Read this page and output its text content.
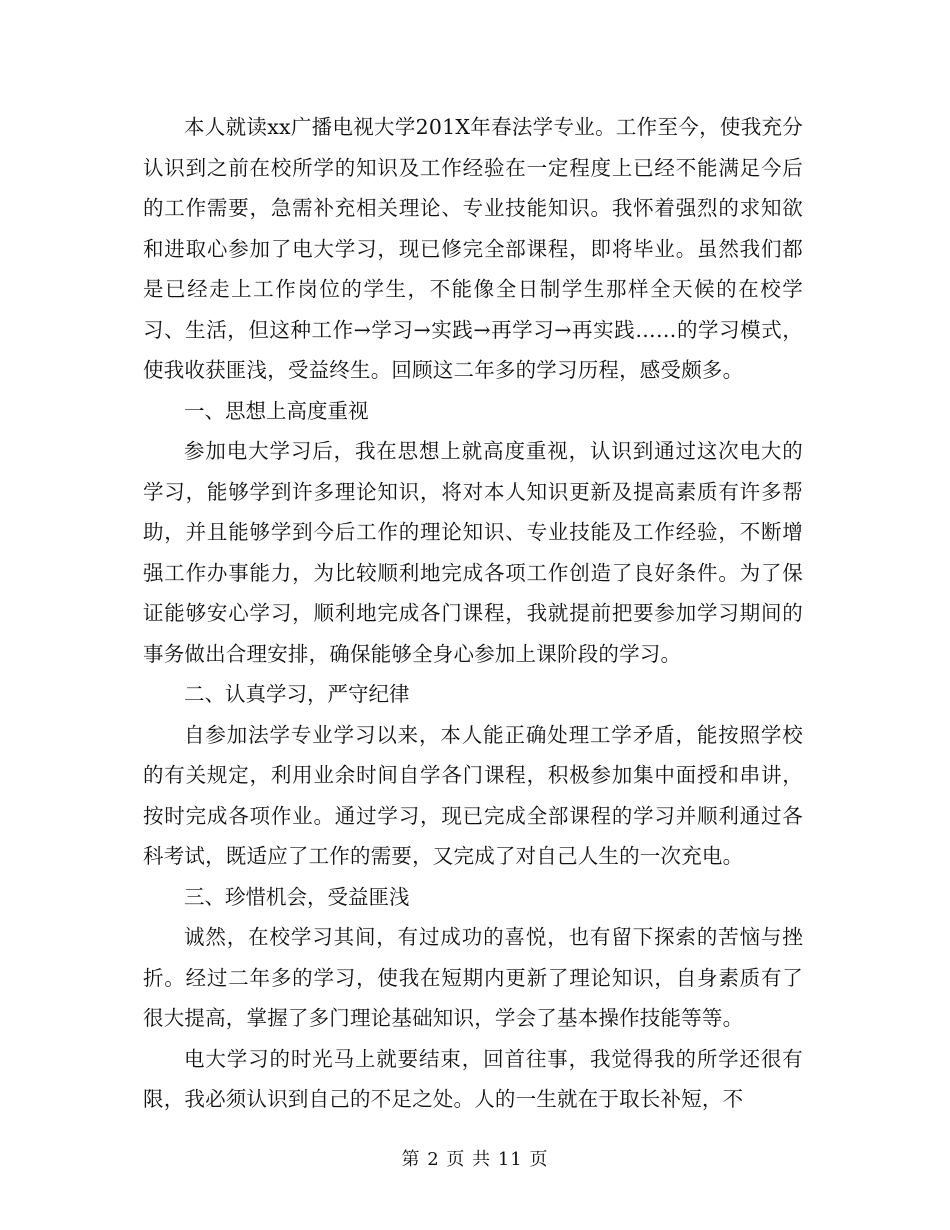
本人就读xx广播电视大学201X年春法学专业。工作至今，使我充分认识到之前在校所学的知识及工作经验在一定程度上已经不能满足今后的工作需要，急需补充相关理论、专业技能知识。我怀着强烈的求知欲和进取心参加了电大学习，现已修完全部课程，即将毕业。虽然我们都是已经走上工作岗位的学生，不能像全日制学生那样全天候的在校学习、生活，但这种工作→学习→实践→再学习→再实践……的学习模式，使我收获匪浅，受益终生。回顾这二年多的学习历程，感受颇多。

一、思想上高度重视

参加电大学习后，我在思想上就高度重视，认识到通过这次电大的学习，能够学到许多理论知识，将对本人知识更新及提高素质有许多帮助，并且能够学到今后工作的理论知识、专业技能及工作经验，不断增强工作办事能力，为比较顺利地完成各项工作创造了良好条件。为了保证能够安心学习，顺利地完成各门课程，我就提前把要参加学习期间的事务做出合理安排，确保能够全身心参加上课阶段的学习。

二、认真学习，严守纪律

自参加法学专业学习以来，本人能正确处理工学矛盾，能按照学校的有关规定，利用业余时间自学各门课程，积极参加集中面授和串讲，按时完成各项作业。通过学习，现已完成全部课程的学习并顺利通过各科考试，既适应了工作的需要，又完成了对自己人生的一次充电。

三、珍惜机会，受益匪浅

诚然，在校学习其间，有过成功的喜悦，也有留下探索的苦恼与挫折。经过二年多的学习，使我在短期内更新了理论知识，自身素质有了很大提高，掌握了多门理论基础知识，学会了基本操作技能等等。

电大学习的时光马上就要结束，回首往事，我觉得我的所学还很有限，我必须认识到自己的不足之处。人的一生就在于取长补短，不

第 2 页 共 11 页
